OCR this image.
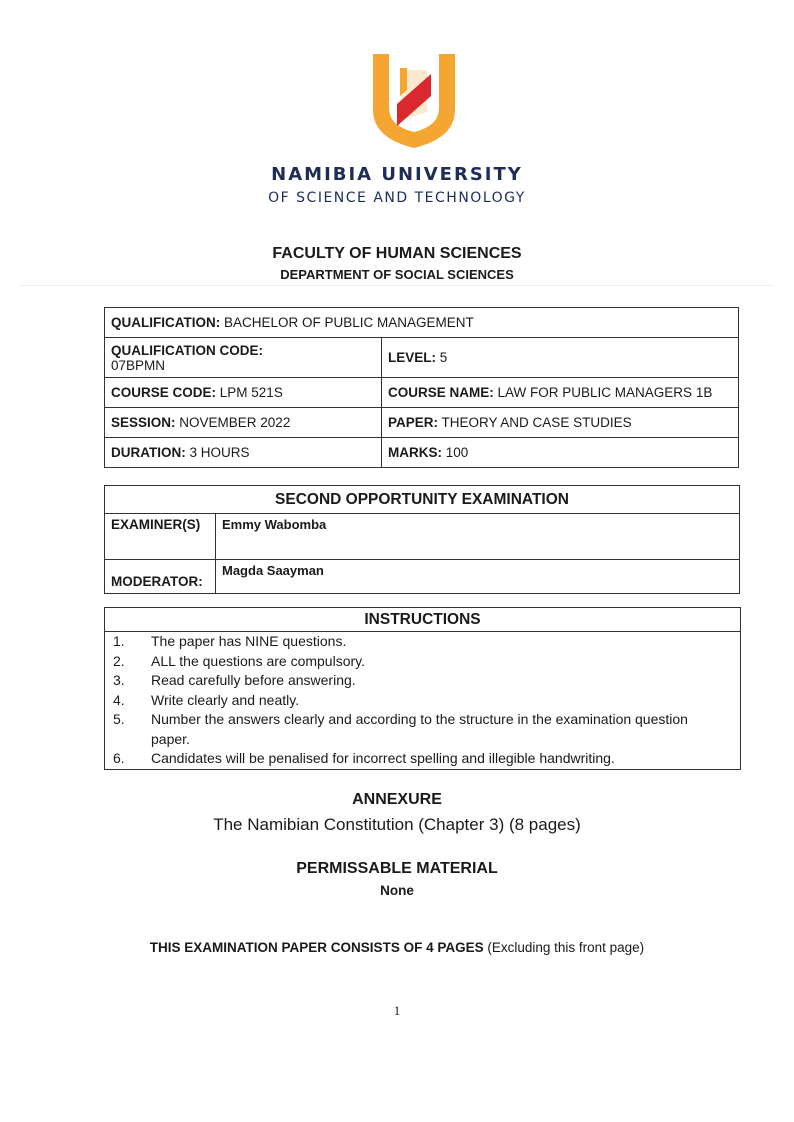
NAMIBIA UNIVERSITY
OF SCIENCE AND TECHNOLOGY
FACULTY OF HUMAN SCIENCES
DEPARTMENT OF SOCIAL SCIENCES
QUALIFICATION: BACHELOR OF PUBLIC MANAGEMENT	
QUALIFICATION CODE:
07BPMN	LEVEL: 5
COURSE CODE: LPM 521S	COURSE NAME: LAW FOR PUBLIC MANAGERS 1B
SESSION: NOVEMBER 2022	PAPER: THEORY AND CASE STUDIES
DURATION: 3 HOURS	MARKS: 100
SECOND OPPORTUNITY EXAMINATION	
EXAMINER(S)	Emmy Wabomba
MODERATOR:	Magda Saayman
INSTRUCTIONS
1.	The paper has NINE questions.
2.	ALL the questions are compulsory.
3.	Read carefully before answering.
4.	Write clearly and neatly.
5.	Number the answers clearly and according to the structure in the examination question paper.
6.	Candidates will be penalised for incorrect spelling and illegible handwriting.
ANNEXURE
The Namibian Constitution (Chapter 3) (8 pages)
PERMISSABLE MATERIAL
None
THIS EXAMINATION PAPER CONSISTS OF 4 PAGES (Excluding this front page)
1
